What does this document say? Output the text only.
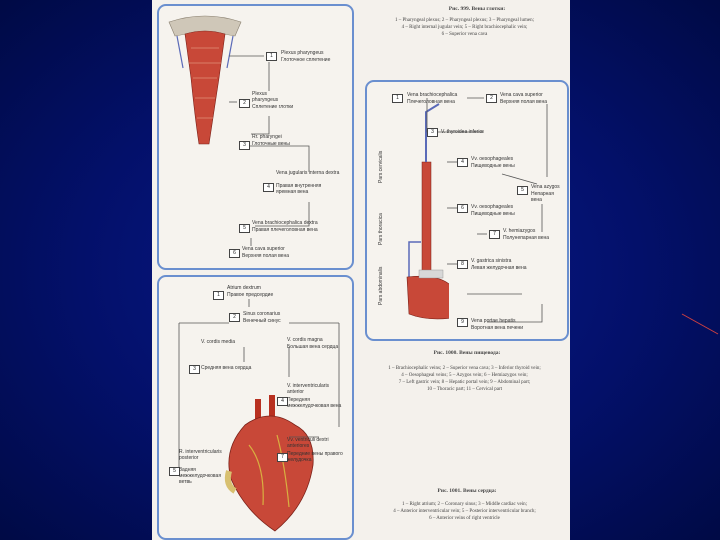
Рис. 999. Вены глотки:
1 – Pharyngeal plexus; 2 – Pharyngeal plexus; 3 – Pharyngeal lumen;
4 – Right internal jugular vein; 5 – Right brachiocephalic vein;
6 – Superior vena cava
1	Plexus pharyngeus
Глоточное сплетение
2
Plexus pharyngeus
Сплетение глотки
3
Rr. pharyngei
Глоточные вены
4
Vena jugularis interna dextra
Правая внутренняя яремная вена
5
Vena brachiocephalica dextra
Правая плечеголовная вена
6
Vena cava superior
Верхняя полая вена
1	Vena brachiocephalica
Плечеголовная вена
2	Vena cava superior
Верхняя полая вена
3	V. thyroidea inferior
4	Vv. oesophageales
Пищеводные вены
5	Vena azygos
Непарная вена
6	Vv. oesophageales
Пищеводные вены
7	V. hemiazygos
Полунепарная вена
8	V. gastrica sinistra
Левая желудочная вена
9	Vena portae hepatis
Воротная вена печени
Pars cervicalis
Pars thoracica
Pars abdominalis
Рис. 1000. Вены пищевода:
1 – Brachiocephalic veins; 2 – Superior vena cava; 3 – Inferior thyroid vein;
4 – Oesophageal veins; 5 – Azygos vein; 6 – Hemiazygos vein;
7 – Left gastric vein; 8 – Hepatic portal vein; 9 – Abdominal part;
10 – Thoracic part; 11 – Cervical part
1
Atrium dextrum
Правое предсердие
2	Sinus coronarius
Венечный синус
3
V. cordis media
Средняя вена сердца
4
V. cordis magna
Большая вена сердца
5
R. interventricularis posterior
Задняя межжелудочковая ветвь
V. interventricularis anterior
Передняя межжелудочковая вена
7
Vv. ventriculi dextri anteriores
Передние вены правого желудочка
Рис. 1001. Вены сердца:
1 – Right atrium; 2 – Coronary sinus; 3 – Middle cardiac vein;
4 – Anterior interventricular vein; 5 – Posterior interventricular branch;
6 – Anterior veins of right ventricle
